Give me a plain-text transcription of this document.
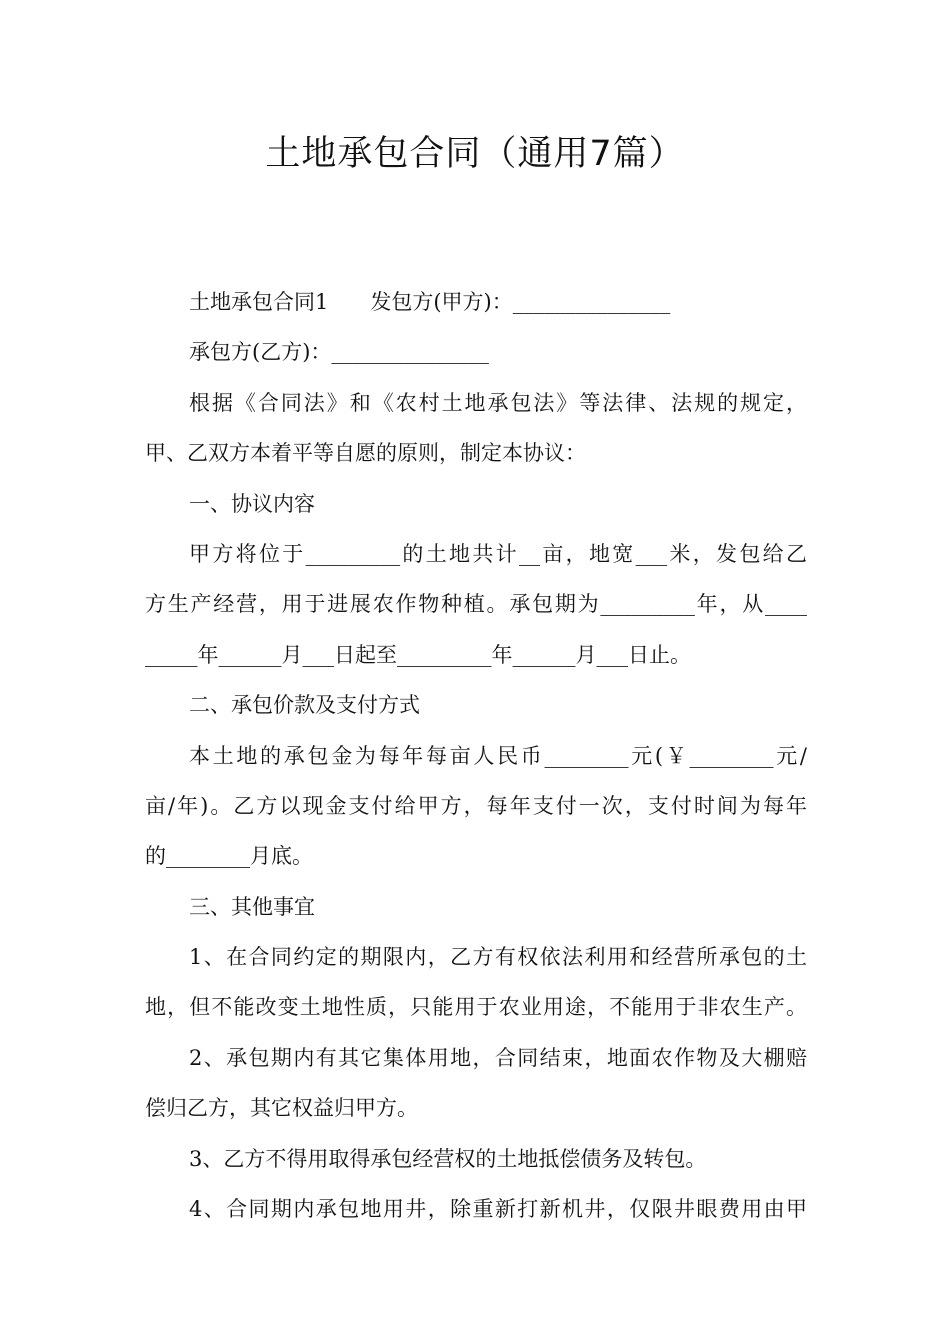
土地承包合同（通用7篇）
土地承包合同1　　发包方(甲方)：_______________
承包方(乙方)：_______________
根据《合同法》和《农村土地承包法》等法律、法规的规定，
甲、乙双方本着平等自愿的原则，制定本协议：
一、协议内容
甲方将位于_________的土地共计__亩，地宽___米，发包给乙
方生产经营，用于进展农作物种植。承包期为_________年，从____
_____年______月___日起至_________年______月___日止。
二、承包价款及支付方式
本土地的承包金为每年每亩人民币________元(￥________元/
亩/年)。乙方以现金支付给甲方，每年支付一次，支付时间为每年
的________月底。
三、其他事宜
1、在合同约定的期限内，乙方有权依法利用和经营所承包的土
地，但不能改变土地性质，只能用于农业用途，不能用于非农生产。
2、承包期内有其它集体用地，合同结束，地面农作物及大棚赔
偿归乙方，其它权益归甲方。
3、乙方不得用取得承包经营权的土地抵偿债务及转包。
4、合同期内承包地用井，除重新打新机井，仅限井眼费用由甲
